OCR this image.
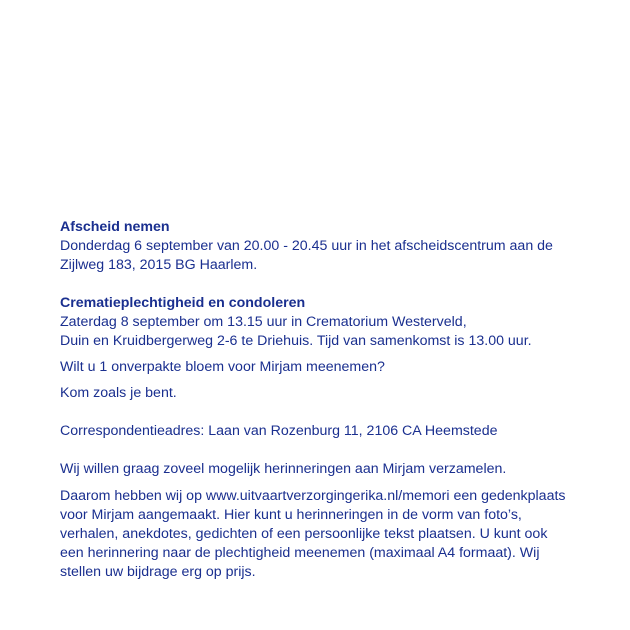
Afscheid nemen

Donderdag 6 september van 20.00 - 20.45 uur in het afscheidscentrum aan de
Zijlweg 183, 2015 BG Haarlem.

Crematieplechtigheid en condoleren

Zaterdag 8 september om 13.15 uur in Crematorium Westerveld,
Duin en Kruidbergerweg 2-6 te Driehuis. Tijd van samenkomst is 13.00 uur.

Wilt u 1 onverpakte bloem voor Mirjam meenemen?

Kom zoals je bent.

Correspondentieadres: Laan van Rozenburg 11, 2106 CA Heemstede

Wij willen graag zoveel mogelijk herinneringen aan Mirjam verzamelen.

Daarom hebben wij op www.uitvaartverzorgingerika.nl/memori een gedenkplaats
voor Mirjam aangemaakt. Hier kunt u herinneringen in de vorm van foto’s,
verhalen, anekdotes, gedichten of een persoonlijke tekst plaatsen. U kunt ook
een herinnering naar de plechtigheid meenemen (maximaal A4 formaat). Wij
stellen uw bijdrage erg op prijs.
